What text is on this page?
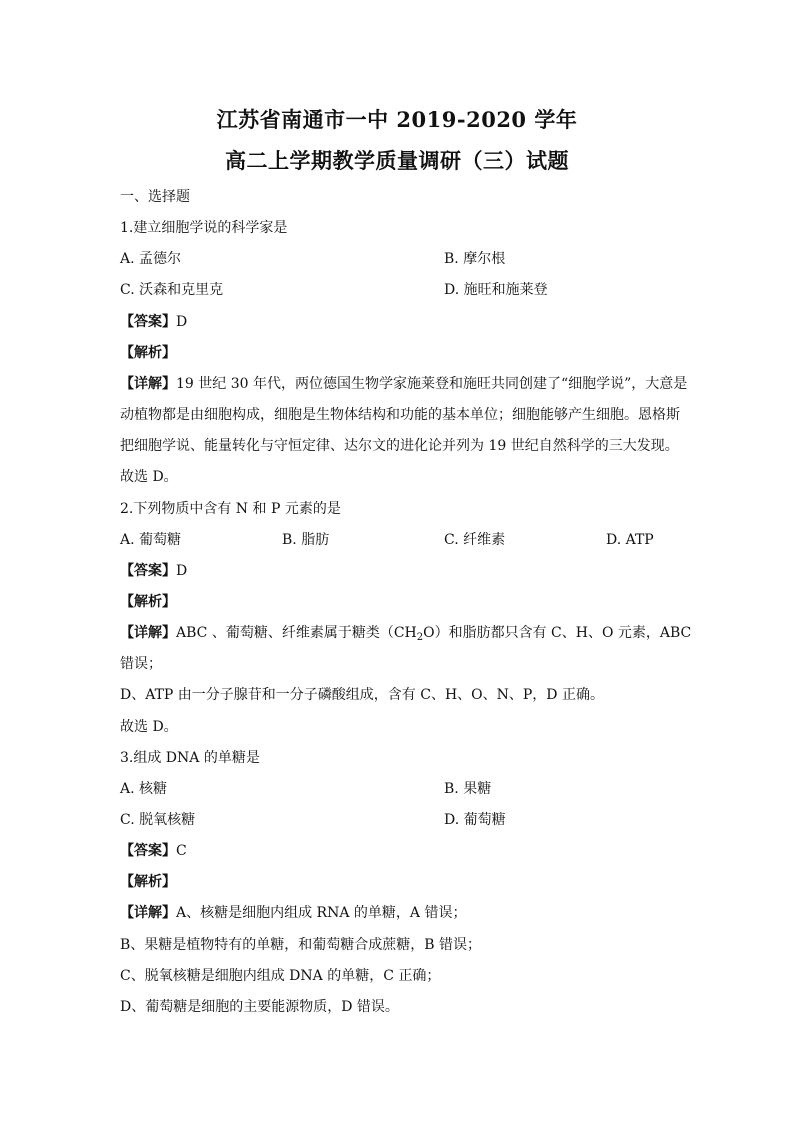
江苏省南通市一中 2019-2020 学年
高二上学期教学质量调研（三）试题
一、选择题
1.建立细胞学说的科学家是
A. 孟德尔	B. 摩尔根
C. 沃森和克里克	D. 施旺和施莱登
【答案】D
【解析】
【详解】19 世纪 30 年代，两位德国生物学家施莱登和施旺共同创建了“细胞学说”，大意是
动植物都是由细胞构成，细胞是生物体结构和功能的基本单位；细胞能够产生细胞。恩格斯
把细胞学说、能量转化与守恒定律、达尔文的进化论并列为 19 世纪自然科学的三大发现。
故选 D。
2.下列物质中含有 N 和 P 元素的是
A. 葡萄糖	B. 脂肪	C. 纤维素	D. ATP
【答案】D
【解析】
【详解】ABC 、葡萄糖、纤维素属于糖类$(CH_2O)$和脂肪都只含有 C、H、O 元素，ABC
错误；
D、ATP 由一分子腺苷和一分子磷酸组成，含有 C、H、O、N、P，D 正确。
故选 D。
3.组成 DNA 的单糖是
A. 核糖	B. 果糖
C. 脱氧核糖	D. 葡萄糖
【答案】C
【解析】
【详解】A、核糖是细胞内组成 RNA 的单糖，A 错误；
B、果糖是植物特有的单糖，和葡萄糖合成蔗糖，B 错误；
C、脱氧核糖是细胞内组成 DNA 的单糖，C 正确；
D、葡萄糖是细胞的主要能源物质，D 错误。
